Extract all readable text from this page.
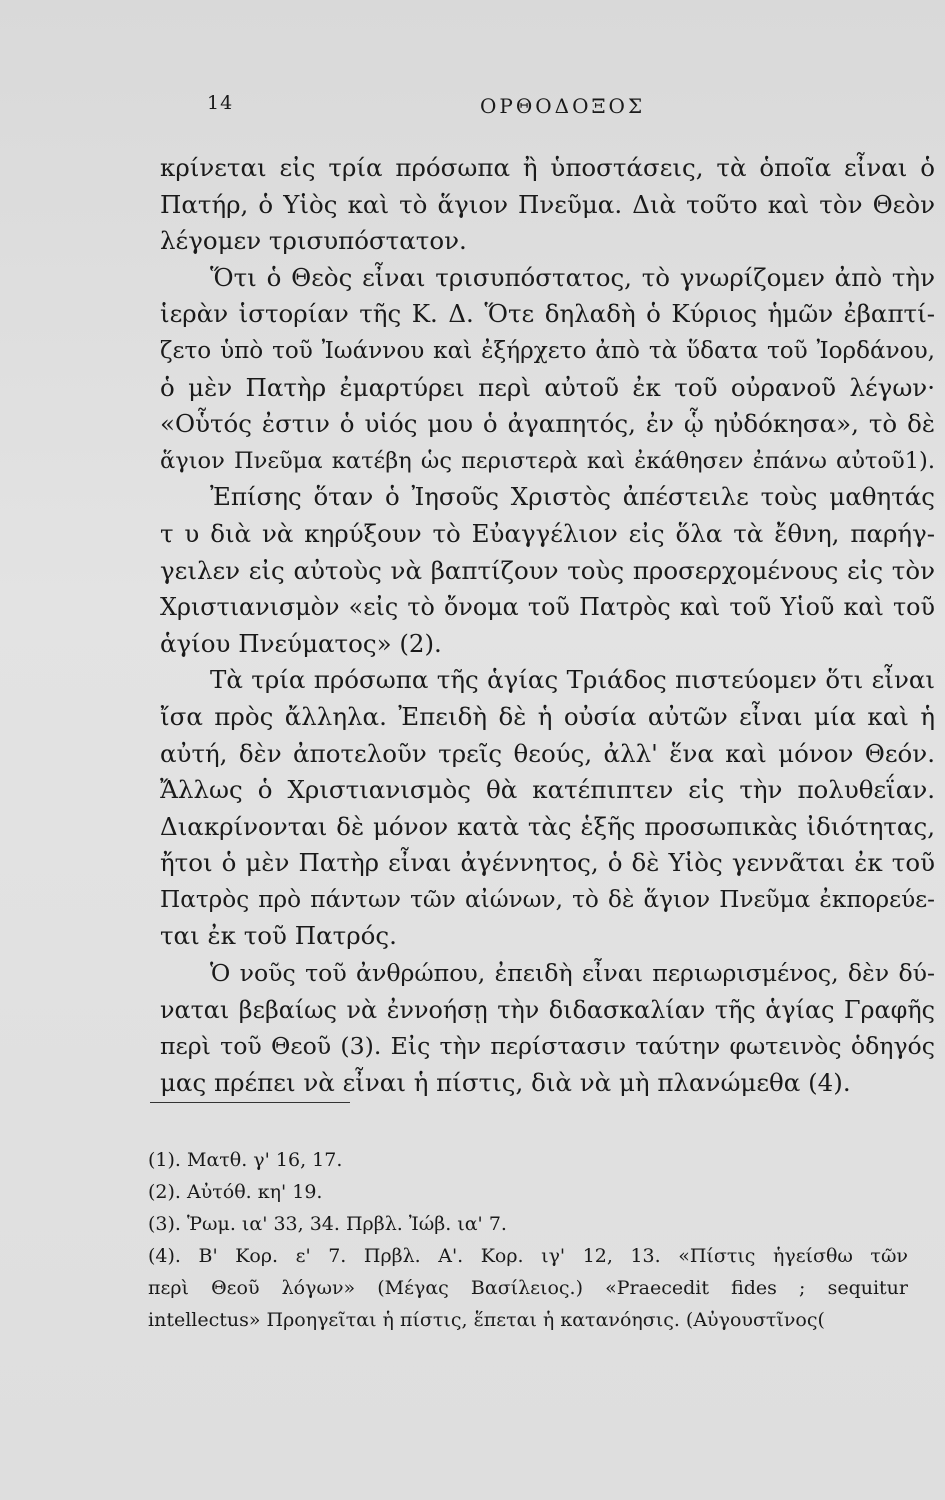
14	ΟΡΘΟΔΟΞΟΣ
κρίνεται εἰς τρία πρόσωπα ἢ ὑποστάσεις, τὰ ὁποῖα εἶναι ὁ
Πατήρ, ὁ Υἱὸς καὶ τὸ ἅγιον Πνεῦμα. Διὰ τοῦτο καὶ τὸν Θεὸν
λέγομεν τρισυπόστατον.
Ὅτι ὁ Θεὸς εἶναι τρισυπόστατος, τὸ γνωρίζομεν ἀπὸ τὴν
ἱερὰν ἱστορίαν τῆς Κ. Δ. Ὅτε δηλαδὴ ὁ Κύριος ἡμῶν ἐβαπτί-
ζετο ὑπὸ τοῦ Ἰωάννου καὶ ἐξήρχετο ἀπὸ τὰ ὕδατα τοῦ Ἰορδάνου,
ὁ μὲν Πατὴρ ἐμαρτύρει περὶ αὐτοῦ ἐκ τοῦ οὐρανοῦ λέγων·
«Οὗτός ἐστιν ὁ υἱός μου ὁ ἀγαπητός, ἐν ᾧ ηὐδόκησα», τὸ δὲ
ἅγιον Πνεῦμα κατέβη ὡς περιστερὰ καὶ ἐκάθησεν ἐπάνω αὐτοῦ1).
Ἐπίσης ὅταν ὁ Ἰησοῦς Χριστὸς ἀπέστειλε τοὺς μαθητάς
τ υ διὰ νὰ κηρύξουν τὸ Εὐαγγέλιον εἰς ὅλα τὰ ἔθνη, παρήγ-
γειλεν εἰς αὐτοὺς νὰ βαπτίζουν τοὺς προσερχομένους εἰς τὸν
Χριστιανισμὸν «εἰς τὸ ὄνομα τοῦ Πατρὸς καὶ τοῦ Υἱοῦ καὶ τοῦ
ἁγίου Πνεύματος» (2).
Τὰ τρία πρόσωπα τῆς ἁγίας Τριάδος πιστεύομεν ὅτι εἶναι
ἴσα πρὸς ἄλληλα. Ἐπειδὴ δὲ ἡ οὐσία αὐτῶν εἶναι μία καὶ ἡ
αὐτή, δὲν ἀποτελοῦν τρεῖς θεούς, ἀλλ' ἕνα καὶ μόνον Θεόν.
Ἄλλως ὁ Χριστιανισμὸς θὰ κατέπιπτεν εἰς τὴν πολυθεΐαν.
Διακρίνονται δὲ μόνον κατὰ τὰς ἑξῆς προσωπικὰς ἰδιότητας,
ἤτοι ὁ μὲν Πατὴρ εἶναι ἀγέννητος, ὁ δὲ Υἱὸς γεννᾶται ἐκ τοῦ
Πατρὸς πρὸ πάντων τῶν αἰώνων, τὸ δὲ ἅγιον Πνεῦμα ἐκπορεύε-
ται ἐκ τοῦ Πατρός.
Ὁ νοῦς τοῦ ἀνθρώπου, ἐπειδὴ εἶναι περιωρισμένος, δὲν δύ-
ναται βεβαίως νὰ ἐννοήσῃ τὴν διδασκαλίαν τῆς ἁγίας Γραφῆς
περὶ τοῦ Θεοῦ (3). Εἰς τὴν περίστασιν ταύτην φωτεινὸς ὁδηγός
μας πρέπει νὰ εἶναι ἡ πίστις, διὰ νὰ μὴ πλανώμεθα (4).
(1). Ματθ. γ' 16, 17.
(2). Αὐτόθ. κη' 19.
(3). Ῥωμ. ια' 33, 34. Πρβλ. Ἰώβ. ια' 7.
(4). Β' Κορ. ε' 7. Πρβλ. Α'. Κορ. ιγ' 12, 13. «Πίστις ἡγείσθω τῶν
περὶ Θεοῦ λόγων» (Μέγας Βασίλειος.) «Praecedit fides ; sequitur
intellectus» Προηγεῖται ἡ πίστις, ἕπεται ἡ κατανόησις. (Αὐγουστῖνος(
